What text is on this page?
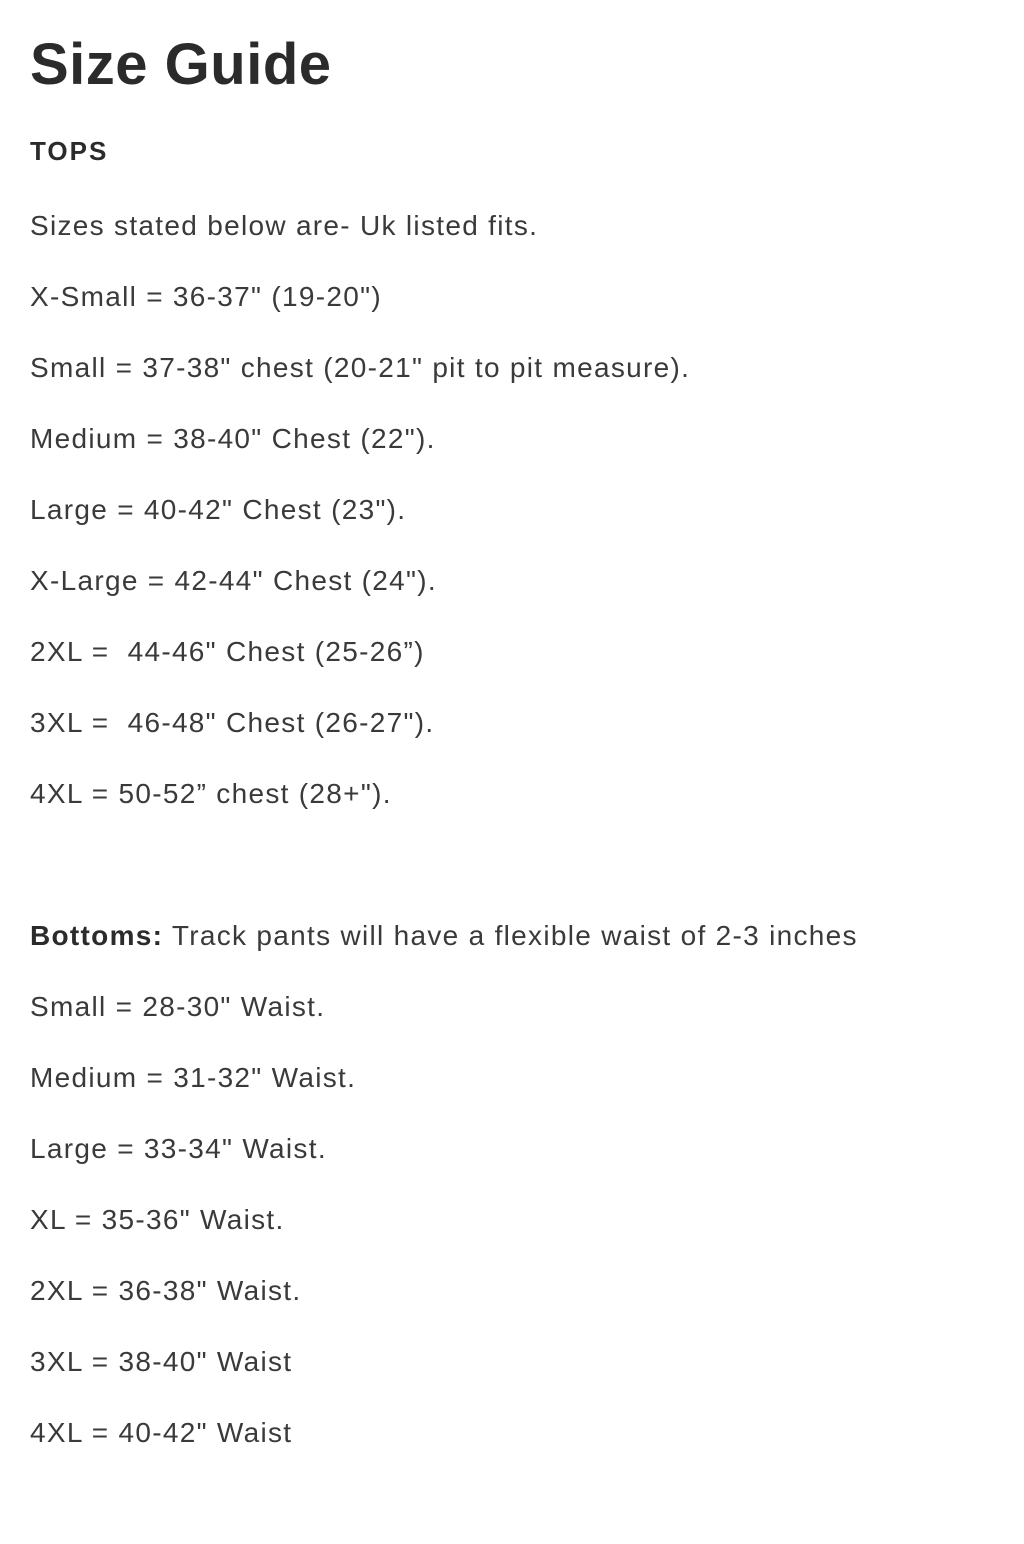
Size Guide
TOPS

Sizes stated below are- Uk listed fits.

X-Small = 36-37" (19-20")

Small = 37-38" chest (20-21" pit to pit measure).

Medium = 38-40" Chest (22").

Large = 40-42" Chest (23").

X-Large = 42-44" Chest (24").

2XL =  44-46" Chest (25-26”)

3XL =  46-48" Chest (26-27").

4XL = 50-52” chest (28+").

Bottoms: Track pants will have a flexible waist of 2-3 inches

Small = 28-30" Waist.

Medium = 31-32" Waist.

Large = 33-34" Waist.

XL = 35-36" Waist.

2XL = 36-38" Waist.

3XL = 38-40" Waist

4XL = 40-42" Waist
